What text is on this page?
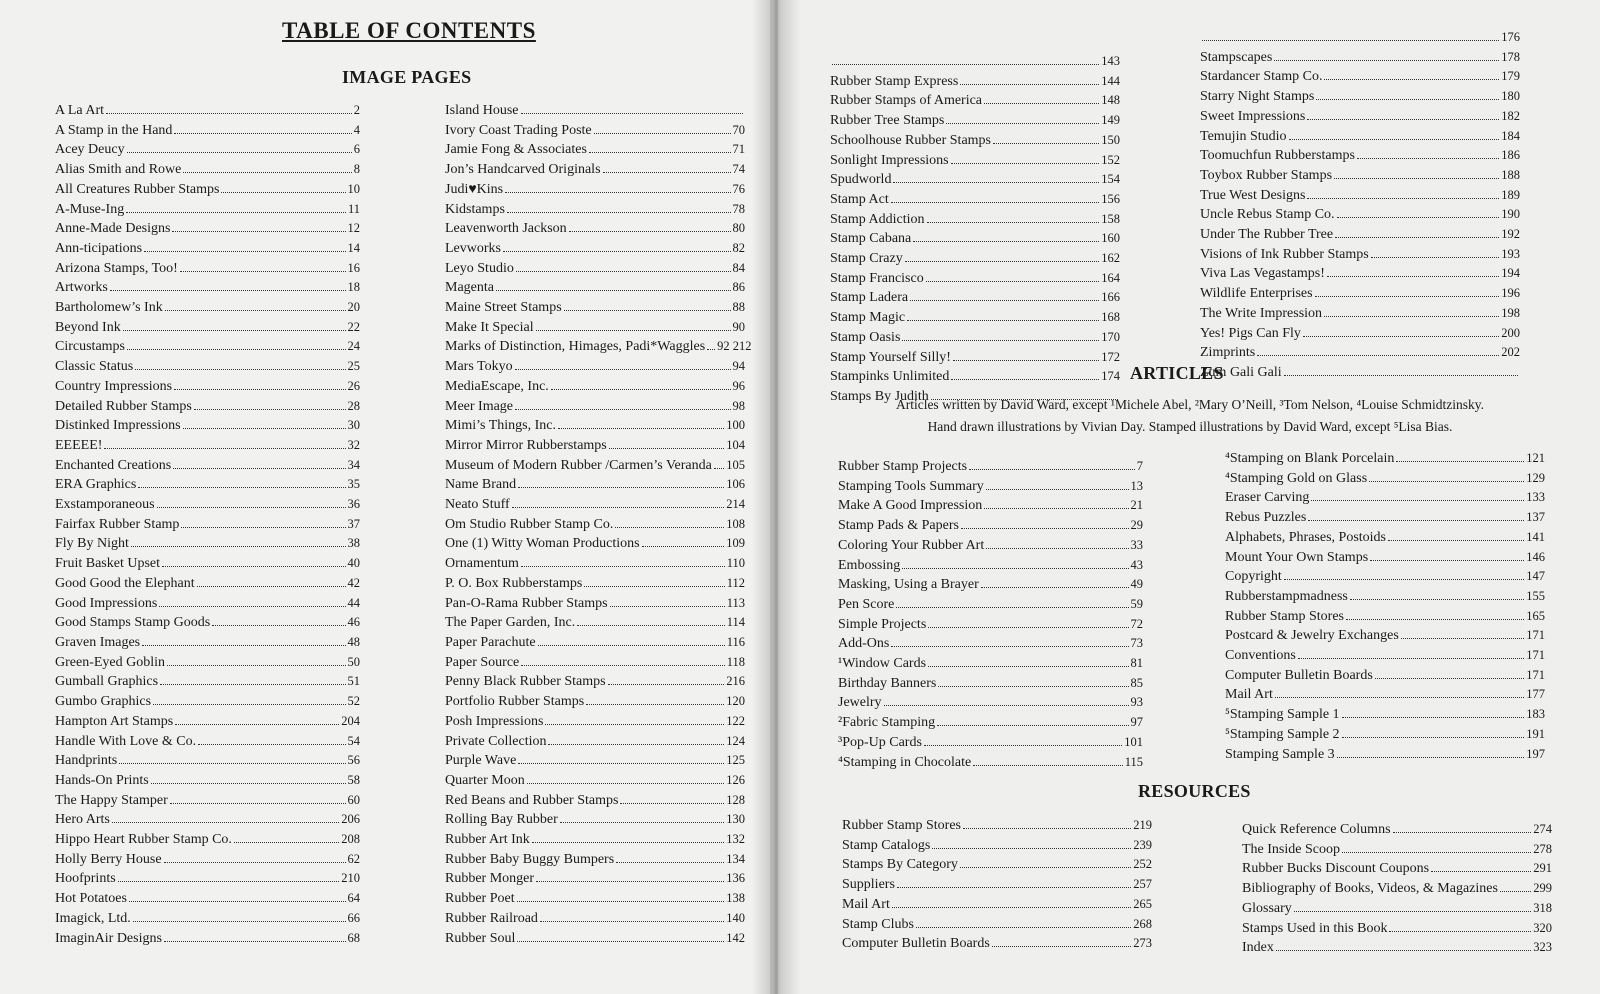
TABLE OF CONTENTS
IMAGE PAGES
ARTICLES
RESOURCES
Articles written by David Ward, except ¹Michele Abel, ²Mary O’Neill, ³Tom Nelson, ⁴Louise Schmidtzinsky.
Hand drawn illustrations by Vivian Day. Stamped illustrations by David Ward, except ⁵Lisa Bias.
A La Art	2
A Stamp in the Hand	4
Acey Deucy	6
Alias Smith and Rowe	8
All Creatures Rubber Stamps	10
A-Muse-Ing	11
Anne-Made Designs	12
Ann-ticipations	14
Arizona Stamps, Too!	16
Artworks	18
Bartholomew’s Ink	20
Beyond Ink	22
Circustamps	24
Classic Status	25
Country Impressions	26
Detailed Rubber Stamps	28
Distinked Impressions	30
EEEEE!	32
Enchanted Creations	34
ERA Graphics	35
Exstamporaneous	36
Fairfax Rubber Stamp	37
Fly By Night	38
Fruit Basket Upset	40
Good Good the Elephant	42
Good Impressions	44
Good Stamps Stamp Goods	46
Graven Images	48
Green-Eyed Goblin	50
Gumball Graphics	51
Gumbo Graphics	52
Hampton Art Stamps	204
Handle With Love & Co.	54
Handprints	56
Hands-On Prints	58
The Happy Stamper	60
Hero Arts	206
Hippo Heart Rubber Stamp Co.	208
Holly Berry House	62
Hoofprints	210
Hot Potatoes	64
Imagick, Ltd.	66
ImaginAir Designs	68
Island House
Ivory Coast Trading Poste	70
Jamie Fong & Associates	71
Jon’s Handcarved Originals	74
Judi♥Kins	76
Kidstamps	78
Leavenworth Jackson	80
Levworks	82
Leyo Studio	84
Magenta	86
Maine Street Stamps	88
Make It Special	90
Marks of Distinction, Himages, Padi*Waggles 92 212
Mars Tokyo	94
MediaEscape, Inc.	96
Meer Image	98
Mimi’s Things, Inc.	100
Mirror Mirror Rubberstamps	104
Museum of Modern Rubber /Carmen’s Veranda 105
Name Brand	106
Neato Stuff	214
Om Studio Rubber Stamp Co.	108
One (1) Witty Woman Productions	109
Ornamentum	110
P. O. Box Rubberstamps	112
Pan-O-Rama Rubber Stamps	113
The Paper Garden, Inc.	114
Paper Parachute	116
Paper Source	118
Penny Black Rubber Stamps	216
Portfolio Rubber Stamps	120
Posh Impressions	122
Private Collection	124
Purple Wave	125
Quarter Moon	126
Red Beans and Rubber Stamps	128
Rolling Bay Rubber	130
Rubber Art Ink	132
Rubber Baby Buggy Bumpers	134
Rubber Monger	136
Rubber Poet	138
Rubber Railroad	140
Rubber Soul	142
143
Rubber Stamp Express	144
Rubber Stamps of America	148
Rubber Tree Stamps	149
Schoolhouse Rubber Stamps	150
Sonlight Impressions	152
Spudworld	154
Stamp Act	156
Stamp Addiction	158
Stamp Cabana	160
Stamp Crazy	162
Stamp Francisco	164
Stamp Ladera	166
Stamp Magic	168
Stamp Oasis	170
Stamp Yourself Silly!	172
Stampinks Unlimited	174
Stamps By Judith
176
Stampscapes	178
Stardancer Stamp Co.	179
Starry Night Stamps	180
Sweet Impressions	182
Temujin Studio	184
Toomuchfun Rubberstamps	186
Toybox Rubber Stamps	188
True West Designs	189
Uncle Rebus Stamp Co.	190
Under The Rubber Tree	192
Visions of Ink Rubber Stamps	193
Viva Las Vegastamps!	194
Wildlife Enterprises	196
The Write Impression	198
Yes! Pigs Can Fly	200
Zimprints	202
Zum Gali Gali
Rubber Stamp Projects	7
Stamping Tools Summary	13
Make A Good Impression	21
Stamp Pads & Papers	29
Coloring Your Rubber Art	33
Embossing	43
Masking, Using a Brayer	49
Pen Score	59
Simple Projects	72
Add-Ons	73
¹Window Cards	81
Birthday Banners	85
Jewelry	93
²Fabric Stamping	97
³Pop-Up Cards	101
⁴Stamping in Chocolate	115
⁴Stamping on Blank Porcelain	121
⁴Stamping Gold on Glass	129
Eraser Carving	133
Rebus Puzzles	137
Alphabets, Phrases, Postoids	141
Mount Your Own Stamps	146
Copyright	147
Rubberstampmadness	155
Rubber Stamp Stores	165
Postcard & Jewelry Exchanges	171
Conventions	171
Computer Bulletin Boards	171
Mail Art	177
⁵Stamping Sample 1	183
⁵Stamping Sample 2	191
Stamping Sample 3	197
Rubber Stamp Stores	219
Stamp Catalogs	239
Stamps By Category	252
Suppliers	257
Mail Art	265
Stamp Clubs	268
Computer Bulletin Boards	273
Quick Reference Columns	274
The Inside Scoop	278
Rubber Bucks Discount Coupons	291
Bibliography of Books, Videos, & Magazines	299
Glossary	318
Stamps Used in this Book	320
Index	323
